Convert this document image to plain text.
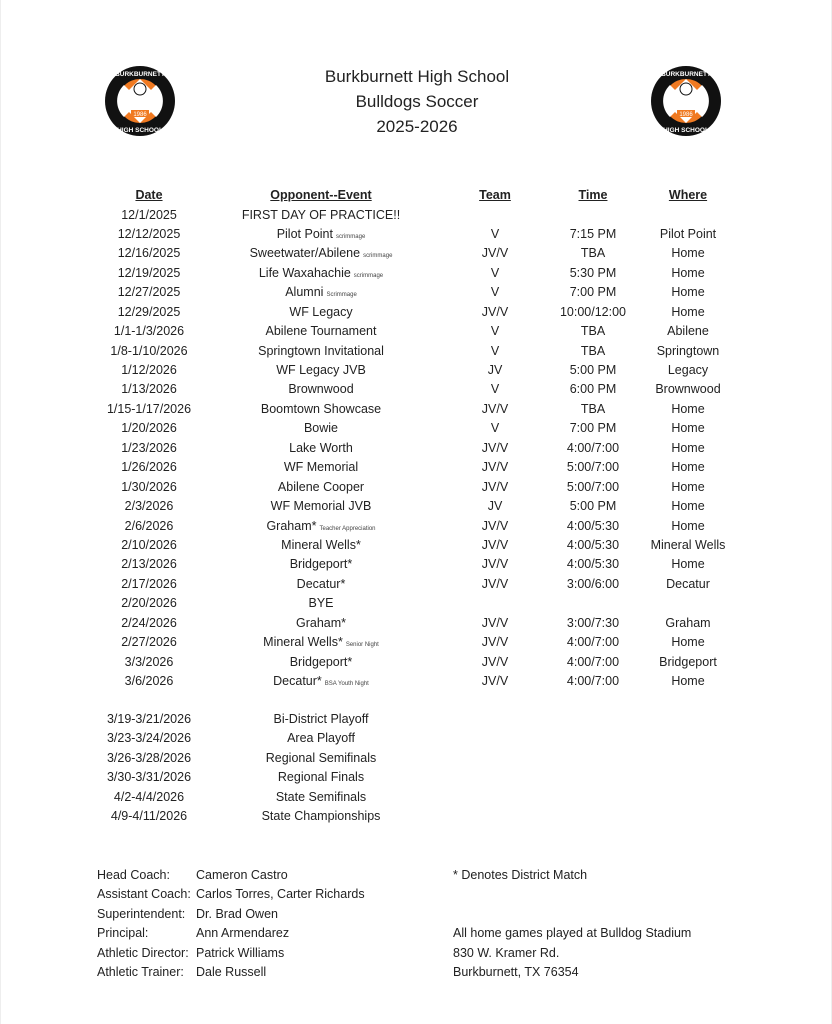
1986
BURKBURNETT
HIGH SCHOOL
1986
BURKBURNETT
HIGH SCHOOL
Burkburnett High School
Bulldogs Soccer
2025-2026
Date	Opponent--Event	Team	Time	Where
12/1/2025	FIRST DAY OF PRACTICE!!
12/12/2025	Pilot Point scrimmage	V	7:15 PM	Pilot Point
12/16/2025	Sweetwater/Abilene scrimmage	JV/V	TBA	Home
12/19/2025	Life Waxahachie scrimmage	V	5:30 PM	Home
12/27/2025	Alumni Scrimmage	V	7:00 PM	Home
12/29/2025	WF Legacy	JV/V	10:00/12:00	Home
1/1-1/3/2026	Abilene Tournament	V	TBA	Abilene
1/8-1/10/2026	Springtown Invitational	V	TBA	Springtown
1/12/2026	WF Legacy JVB	JV	5:00 PM	Legacy
1/13/2026	Brownwood	V	6:00 PM	Brownwood
1/15-1/17/2026	Boomtown Showcase	JV/V	TBA	Home
1/20/2026	Bowie	V	7:00 PM	Home
1/23/2026	Lake Worth	JV/V	4:00/7:00	Home
1/26/2026	WF Memorial	JV/V	5:00/7:00	Home
1/30/2026	Abilene Cooper	JV/V	5:00/7:00	Home
2/3/2026	WF Memorial JVB	JV	5:00 PM	Home
2/6/2026	Graham* Teacher Appreciation	JV/V	4:00/5:30	Home
2/10/2026	Mineral Wells*	JV/V	4:00/5:30	Mineral Wells
2/13/2026	Bridgeport*	JV/V	4:00/5:30	Home
2/17/2026	Decatur*	JV/V	3:00/6:00	Decatur
2/20/2026	BYE
2/24/2026	Graham*	JV/V	3:00/7:30	Graham
2/27/2026	Mineral Wells* Senior Night	JV/V	4:00/7:00	Home
3/3/2026	Bridgeport*	JV/V	4:00/7:00	Bridgeport
3/6/2026	Decatur* BSA Youth Night	JV/V	4:00/7:00	Home
3/19-3/21/2026	Bi-District Playoff
3/23-3/24/2026	Area Playoff
3/26-3/28/2026	Regional Semifinals
3/30-3/31/2026	Regional Finals
4/2-4/4/2026	State Semifinals
4/9-4/11/2026	State Championships
Head Coach: Cameron Castro
Assistant Coach: Carlos Torres, Carter Richards
Superintendent: Dr. Brad Owen
Principal:	Ann Armendarez
Athletic Director: Patrick Williams
Athletic Trainer: Dale Russell
* Denotes District Match

All home games played at Bulldog Stadium
830 W. Kramer Rd.
Burkburnett, TX 76354
